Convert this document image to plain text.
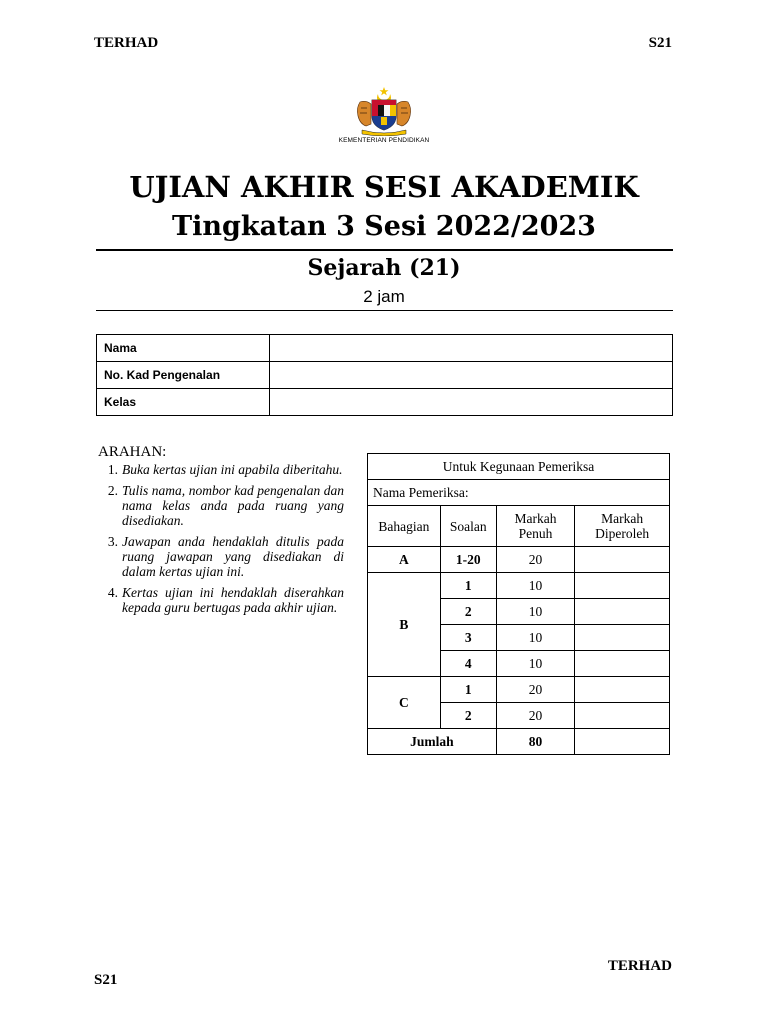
TERHAD	S21
KEMENTERIAN PENDIDIKAN
UJIAN AKHIR SESI AKADEMIK
Tingkatan 3 Sesi 2022/2023
Sejarah (21)
2 jam
Nama	
No. Kad Pengenalan	
Kelas	
ARAHAN:
1. Buka kertas ujian ini apabila diberitahu.
2. Tulis nama, nombor kad pengenalan dan nama kelas anda pada ruang yang disediakan.
3. Jawapan anda hendaklah ditulis pada ruang jawapan yang disediakan di dalam kertas ujian ini.
4. Kertas ujian ini hendaklah diserahkan kepada guru bertugas pada akhir ujian.
Untuk Kegunaan Pemeriksa			
Nama Pemeriksa:			
Bahagian	Soalan	Markah Penuh	Markah Diperoleh
A	1-20	20	
B	1	10	
	2	10	
	3	10	
	4	10	
C	1	20	
	2	20	
Jumlah		80	
S21
TERHAD
